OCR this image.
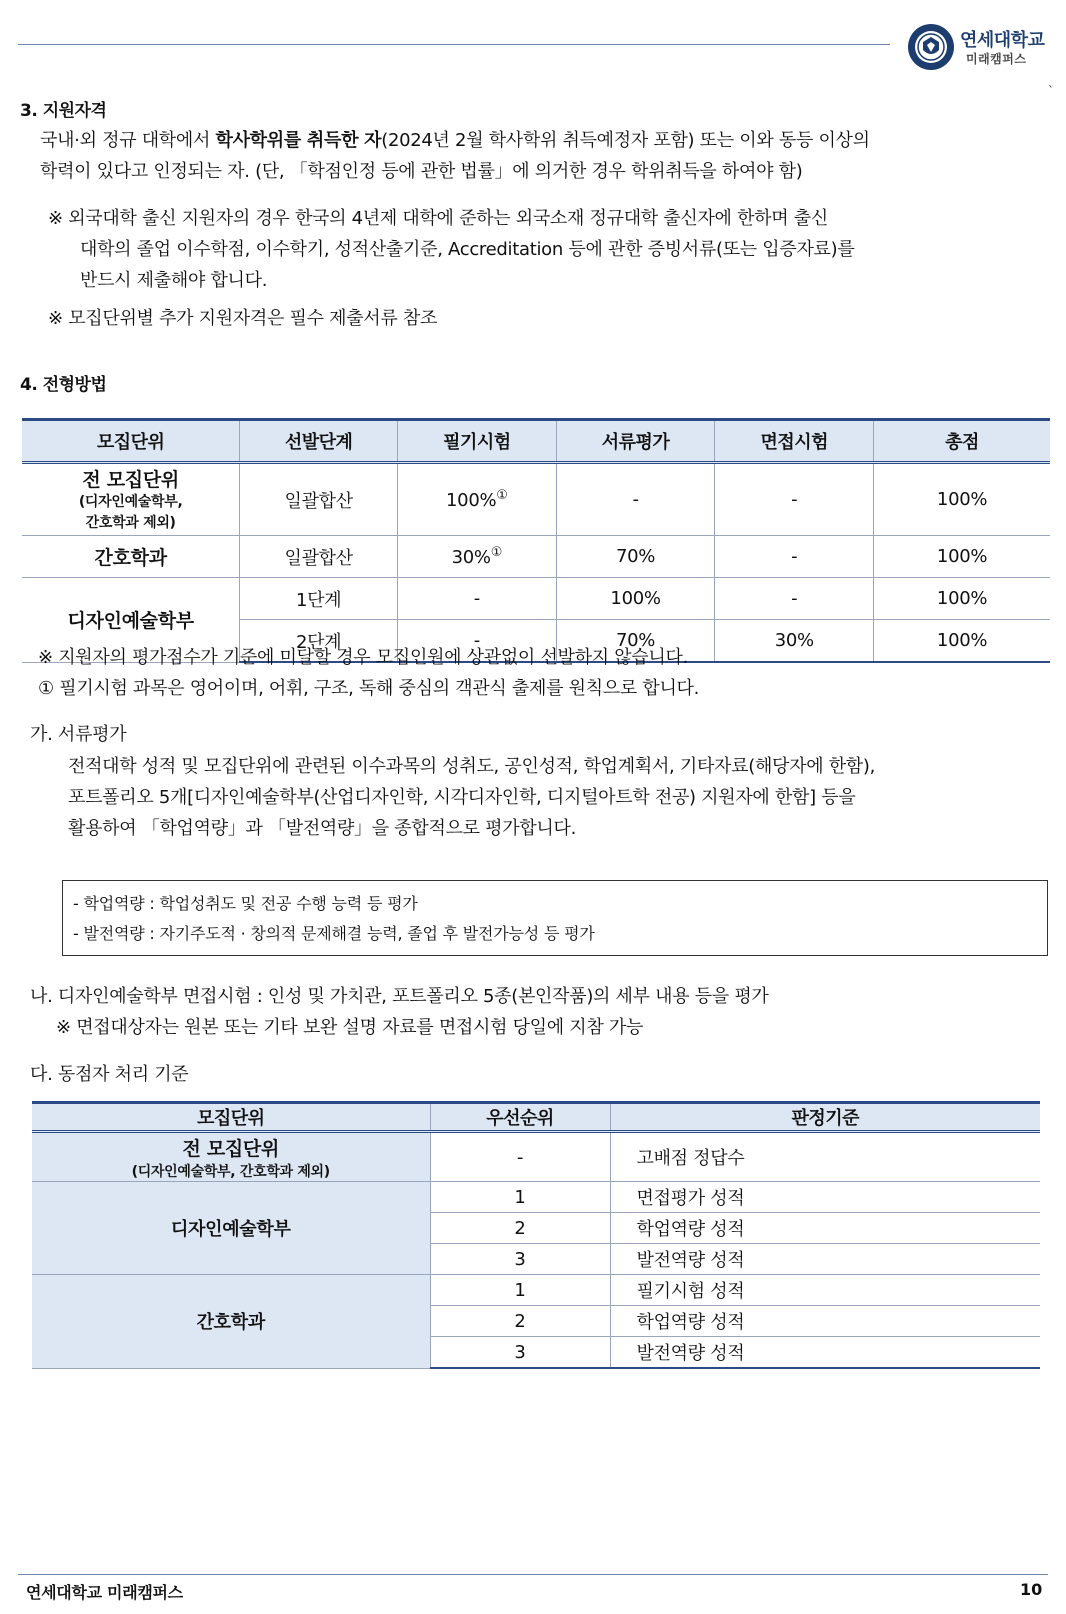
연세대학교
미래캠퍼스
`
3. 지원자격
국내·외 정규 대학에서 학사학위를 취득한 자(2024년 2월 학사학위 취득예정자 포함) 또는 이와 동등 이상의
학력이 있다고 인정되는 자. (단, 「학점인정 등에 관한 법률」에 의거한 경우 학위취득을 하여야 함)
※ 외국대학 출신 지원자의 경우 한국의 4년제 대학에 준하는 외국소재 정규대학 출신자에 한하며 출신
대학의 졸업 이수학점, 이수학기, 성적산출기준, Accreditation 등에 관한 증빙서류(또는 입증자료)를
반드시 제출해야 합니다.
※ 모집단위별 추가 지원자격은 필수 제출서류 참조
4. 전형방법
모집단위	선발단계	필기시험	서류평가	면접시험	총점

전 모집단위
(디자인예술학부,
간호학과 제외)	일괄합산	100%①	-	-	100%
간호학과	일괄합산	30%①	70%	-	100%
디자인예술학부	1단계	-	100%	-	100%
	2단계	-	70%	30%	100%
※ 지원자의 평가점수가 기준에 미달할 경우 모집인원에 상관없이 선발하지 않습니다.
① 필기시험 과목은 영어이며, 어휘, 구조, 독해 중심의 객관식 출제를 원칙으로 합니다.
가. 서류평가
전적대학 성적 및 모집단위에 관련된 이수과목의 성취도, 공인성적, 학업계획서, 기타자료(해당자에 한함),
포트폴리오 5개[디자인예술학부(산업디자인학, 시각디자인학, 디지털아트학 전공) 지원자에 한함] 등을
활용하여 「학업역량」과 「발전역량」을 종합적으로 평가합니다.
- 학업역량 : 학업성취도 및 전공 수행 능력 등 평가
- 발전역량 : 자기주도적 · 창의적 문제해결 능력, 졸업 후 발전가능성 등 평가
나. 디자인예술학부 면접시험 : 인성 및 가치관, 포트폴리오 5종(본인작품)의 세부 내용 등을 평가
※ 면접대상자는 원본 또는 기타 보완 설명 자료를 면접시험 당일에 지참 가능
다. 동점자 처리 기준
모집단위	우선순위	판정기준

전 모집단위
(디자인예술학부, 간호학과 제외)	-	고배점 정답수
디자인예술학부	1	면접평가 성적
	2	학업역량 성적
	3	발전역량 성적
간호학과	1	필기시험 성적
	2	학업역량 성적
	3	발전역량 성적
연세대학교 미래캠퍼스	10
